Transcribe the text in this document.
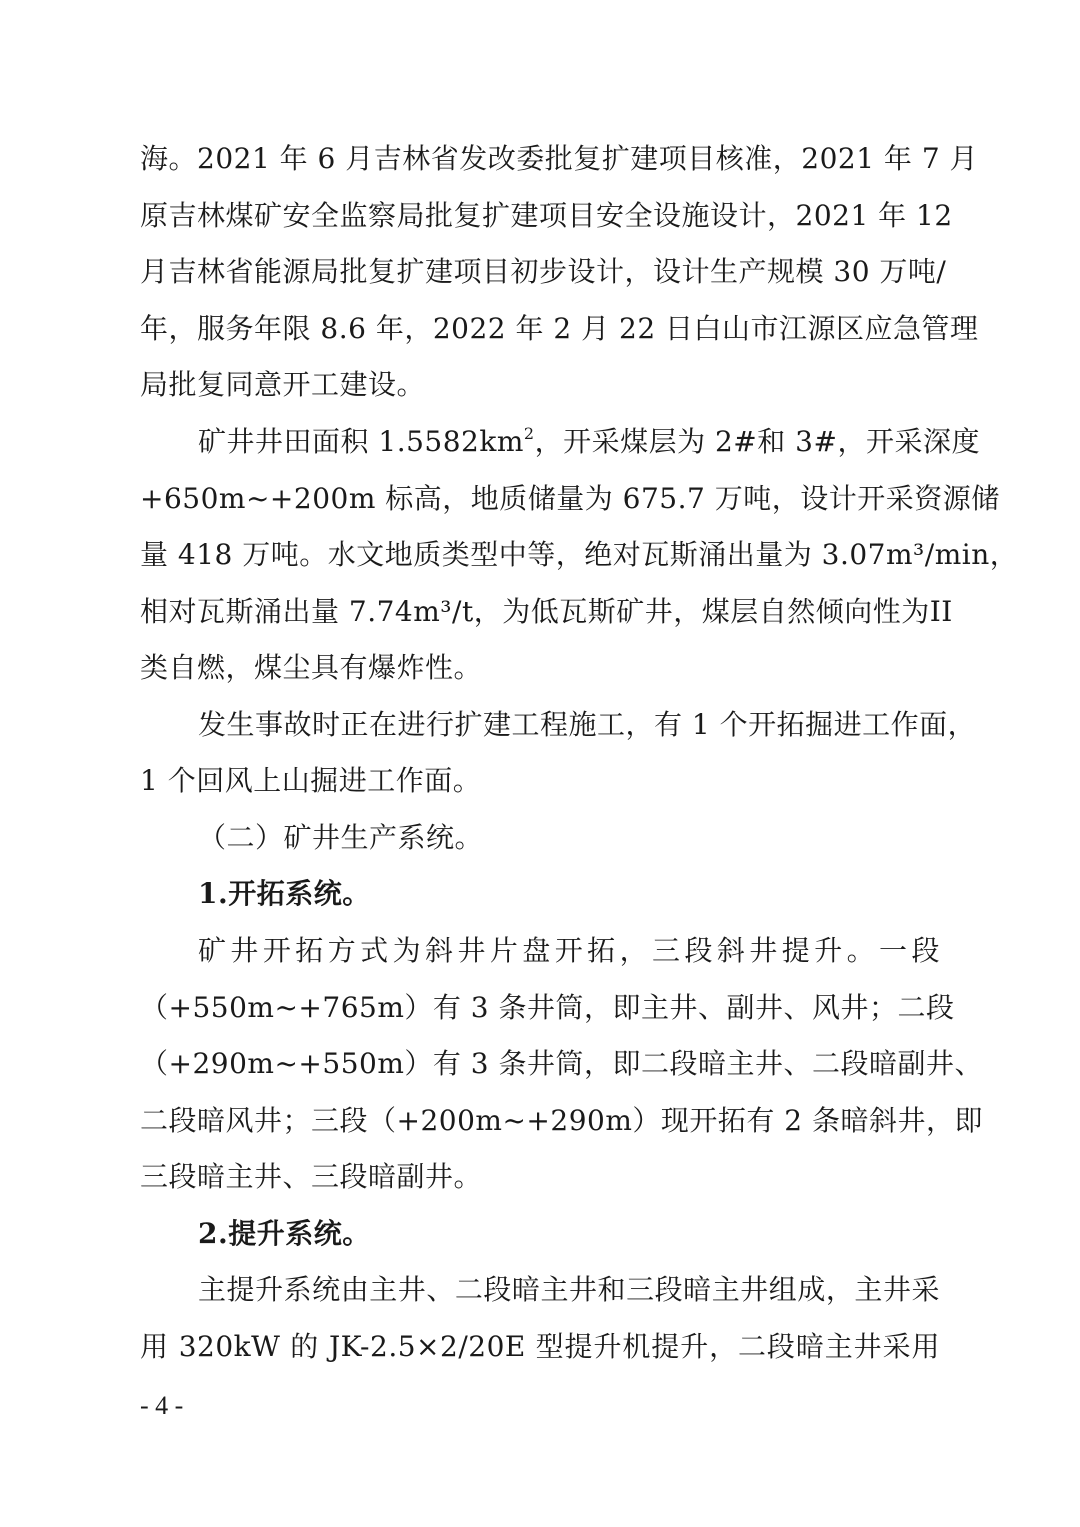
海。2021 年 6 月吉林省发改委批复扩建项目核准，2021 年 7 月
原吉林煤矿安全监察局批复扩建项目安全设施设计，2021 年 12
月吉林省能源局批复扩建项目初步设计，设计生产规模 30 万吨/
年，服务年限 8.6 年，2022 年 2 月 22 日白山市江源区应急管理
局批复同意开工建设。
矿井井田面积 $1.5582km^2$，开采煤层为 2#和 3#，开采深度
+650m~+200m 标高，地质储量为 675.7 万吨，设计开采资源储
量 418 万吨。水文地质类型中等，绝对瓦斯涌出量为 3.07m³/min，
相对瓦斯涌出量 7.74m³/t，为低瓦斯矿井，煤层自然倾向性为II
类自燃，煤尘具有爆炸性。
发生事故时正在进行扩建工程施工，有 1 个开拓掘进工作面，
1 个回风上山掘进工作面。
（二）矿井生产系统。
1.开拓系统。
矿井开拓方式为斜井片盘开拓，三段斜井提升。一段
（+550m~+765m）有 3 条井筒，即主井、副井、风井；二段
（+290m~+550m）有 3 条井筒，即二段暗主井、二段暗副井、
二段暗风井；三段（+200m~+290m）现开拓有 2 条暗斜井，即
三段暗主井、三段暗副井。
2.提升系统。
主提升系统由主井、二段暗主井和三段暗主井组成，主井采
用 320kW 的 JK-2.5×2/20E 型提升机提升，二段暗主井采用
- 4 -
